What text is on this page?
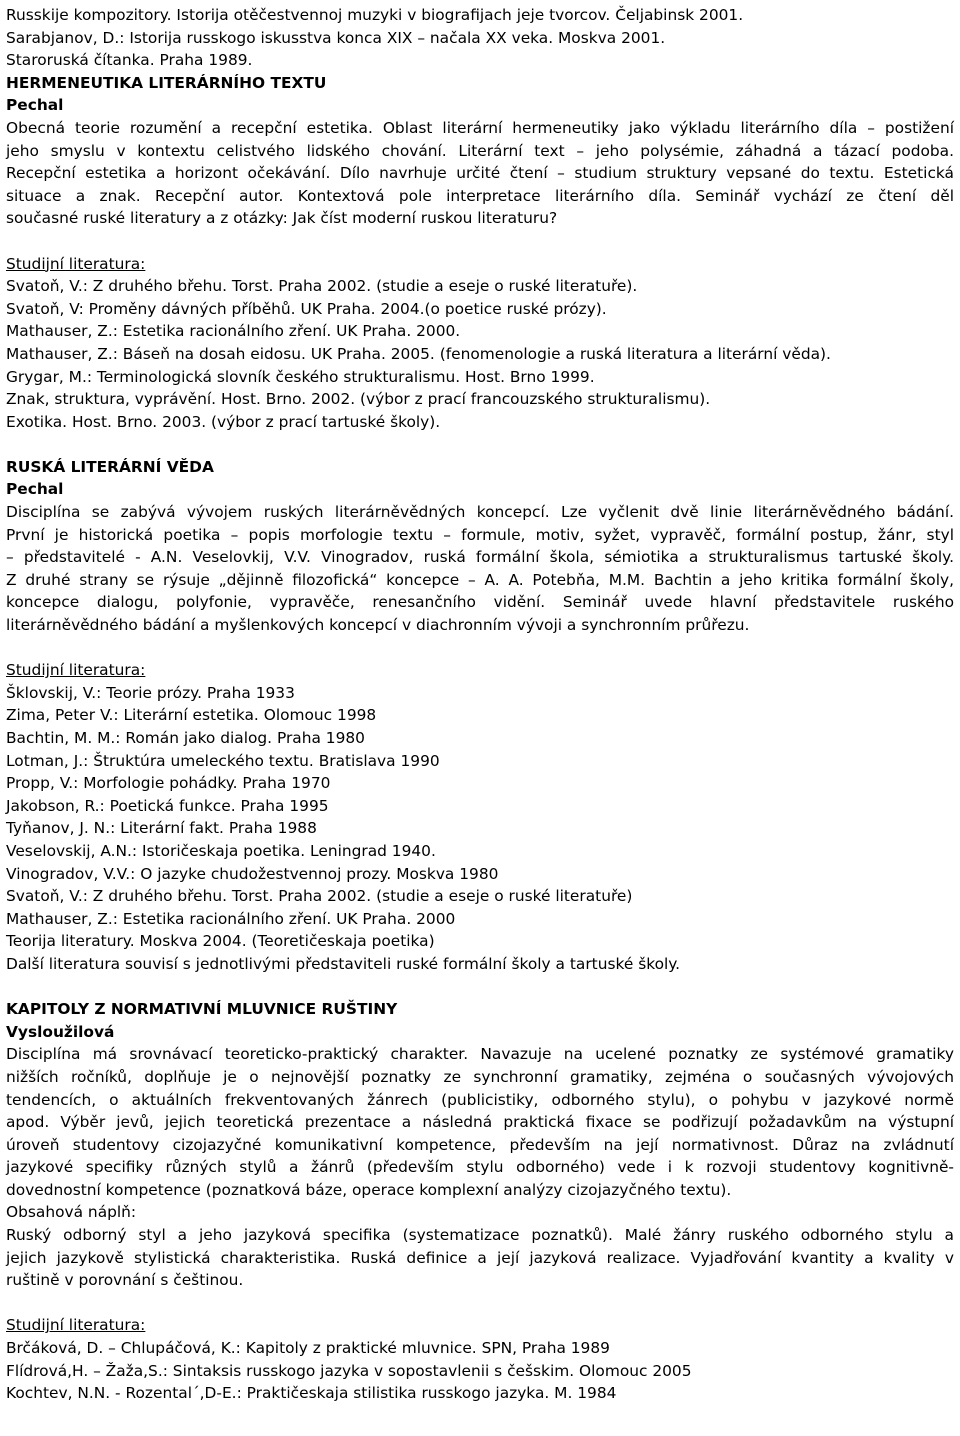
Russkije kompozitory. Istorija otěčestvennoj muzyki v biografijach jeje tvorcov. Čeljabinsk 2001.
Sarabjanov, D.: Istorija russkogo iskusstva konca XIX – načala XX veka. Moskva 2001.
Staroruská čítanka. Praha 1989.
HERMENEUTIKA LITERÁRNÍHO TEXTU
Pechal
Obecná teorie rozumění a recepční estetika. Oblast literární hermeneutiky jako výkladu literárního díla – postižení
jeho smyslu v kontextu celistvého lidského chování. Literární text – jeho polysémie, záhadná a tázací podoba.
Recepční estetika a horizont očekávání. Dílo navrhuje určité čtení – studium struktury vepsané do textu. Estetická
situace a znak. Recepční autor. Kontextová pole interpretace literárního díla. Seminář vychází ze čtení děl
současné ruské literatury a z otázky: Jak číst moderní ruskou literaturu?
Studijní literatura:
Svatoň, V.: Z druhého břehu. Torst. Praha 2002. (studie a eseje o ruské literatuře).
Svatoň, V: Proměny dávných příběhů. UK Praha. 2004.(o poetice ruské prózy).
Mathauser, Z.: Estetika racionálního zření. UK Praha. 2000.
Mathauser, Z.: Báseň na dosah eidosu. UK Praha. 2005. (fenomenologie a ruská literatura a literární věda).
Grygar, M.: Terminologická slovník českého strukturalismu. Host. Brno 1999.
Znak, struktura, vyprávění. Host. Brno. 2002. (výbor z prací francouzského strukturalismu).
Exotika. Host. Brno. 2003. (výbor z prací tartuské školy).
RUSKÁ LITERÁRNÍ VĚDA
Pechal
Disciplína se zabývá vývojem ruských literárněvědných koncepcí. Lze vyčlenit dvě linie literárněvědného bádání.
První je historická poetika – popis morfologie textu – formule, motiv, syžet, vypravěč, formální postup, žánr, styl
– představitelé - A.N. Veselovkij, V.V. Vinogradov, ruská formální škola, sémiotika a strukturalismus tartuské školy.
Z druhé strany se rýsuje „dějinně filozofická“ koncepce – A. A. Potebňa, M.M. Bachtin a jeho kritika formální školy,
koncepce dialogu, polyfonie, vypravěče, renesančního vidění. Seminář uvede hlavní představitele ruského
literárněvědného bádání a myšlenkových koncepcí v diachronním vývoji a synchronním průřezu.
Studijní literatura:
Šklovskij, V.: Teorie prózy. Praha 1933
Zima, Peter V.: Literární estetika. Olomouc 1998
Bachtin, M. M.: Román jako dialog. Praha 1980
Lotman, J.: Štruktúra umeleckého textu. Bratislava 1990
Propp, V.: Morfologie pohádky. Praha 1970
Jakobson, R.: Poetická funkce. Praha 1995
Tyňanov, J. N.: Literární fakt. Praha 1988
Veselovskij, A.N.: Istoričeskaja poetika. Leningrad 1940.
Vinogradov, V.V.: O jazyke chudožestvennoj prozy. Moskva 1980
Svatoň, V.: Z druhého břehu. Torst. Praha 2002. (studie a eseje o ruské literatuře)
Mathauser, Z.: Estetika racionálního zření. UK Praha. 2000
Teorija literatury. Moskva 2004. (Teoretičeskaja poetika)
Další literatura souvisí s jednotlivými představiteli ruské formální školy a tartuské školy.
KAPITOLY Z NORMATIVNÍ MLUVNICE RUŠTINY
Vysloužilová
Disciplína má srovnávací teoreticko-praktický charakter. Navazuje na ucelené poznatky ze systémové gramatiky
nižších ročníků, doplňuje je o nejnovější poznatky ze synchronní gramatiky, zejména o současných vývojových
tendencích, o aktuálních frekventovaných žánrech (publicistiky, odborného stylu), o pohybu v jazykové normě
apod. Výběr jevů, jejich teoretická prezentace a následná praktická fixace se podřizují požadavkům na výstupní
úroveň studentovy cizojazyčné komunikativní kompetence, především na její normativnost. Důraz na zvládnutí
jazykové specifiky různých stylů a žánrů (především stylu odborného) vede i k rozvoji studentovy kognitivně-
dovednostní kompetence (poznatková báze, operace komplexní analýzy cizojazyčného textu).
Obsahová náplň:
Ruský odborný styl a jeho jazyková specifika (systematizace poznatků). Malé žánry ruského odborného stylu a
jejich jazykově stylistická charakteristika. Ruská definice a její jazyková realizace. Vyjadřování kvantity a kvality v
ruštině v porovnání s češtinou.
Studijní literatura:
Brčáková, D. – Chlupáčová, K.: Kapitoly z praktické mluvnice. SPN, Praha 1989
Flídrová,H. – Žaža,S.: Sintaksis russkogo jazyka v sopostavlenii s češskim. Olomouc 2005
Kochtev, N.N. - Rozental´,D-E.: Praktičeskaja stilistika russkogo jazyka. M. 1984
